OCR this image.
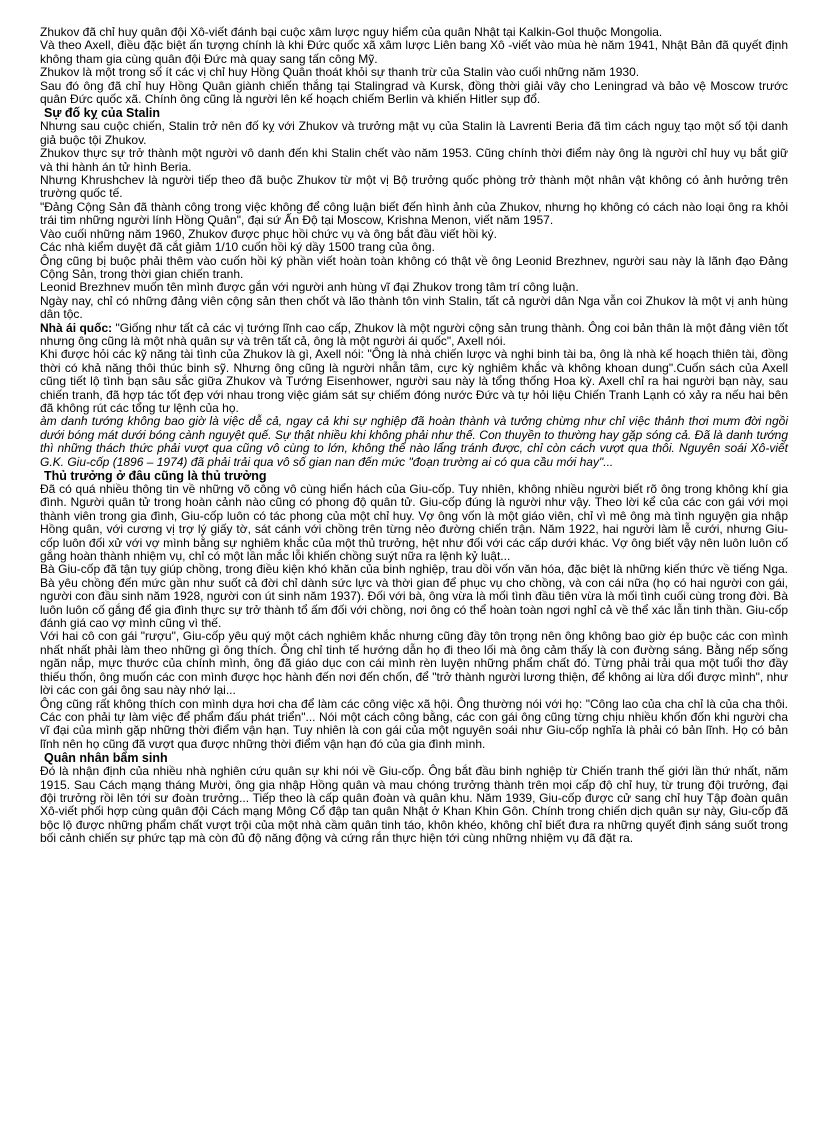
Zhukov đã chỉ huy quân đội Xô-viết đánh bại cuộc xâm lược nguy hiểm của quân Nhật tại Kalkin-Gol thuộc Mongolia.

Và theo Axell, điều đặc biệt ấn tượng chính là khi Đức quốc xã xâm lược Liên bang Xô -viết vào mùa hè năm 1941, Nhật Bản đã quyết định không tham gia cùng quân đội Đức mà quay sang tấn công Mỹ.

Zhukov là một trong số ít các vị chỉ huy Hồng Quân thoát khỏi sự thanh trừ của Stalin vào cuối những năm 1930.

Sau đó ông đã chỉ huy Hồng Quân giành chiến thắng tại Stalingrad và Kursk, đồng thời giải vây cho Leningrad và bảo vệ Moscow trước quân Đức quốc xã. Chính ông cũng là người lên kế hoạch chiếm Berlin và khiến Hitler sụp đổ.

Sự đố kỵ của Stalin

Nhưng sau cuộc chiến, Stalin trở nên đố kỵ với Zhukov và trưởng mật vụ của Stalin là Lavrenti Beria đã tìm cách nguỵ tạo một số tội danh giả buộc tội Zhukov.

Zhukov thực sự trở thành một người vô danh đến khi Stalin chết vào năm 1953. Cũng chính thời điểm này ông là người chỉ huy vụ bắt giữ và thi hành án tử hình Beria.

Nhưng Khrushchev là người tiếp theo đã buộc Zhukov từ một vị Bộ trưởng quốc phòng trở thành một nhân vật không có ảnh hưởng trên trường quốc tế.

"Đảng Cộng Sản đã thành công trong việc không để công luận biết đến hình ảnh của Zhukov, nhưng họ không có cách nào loại ông ra khỏi trái tim những người lính Hồng Quân", đại sứ Ấn Độ tại Moscow, Krishna Menon, viết năm 1957.

Vào cuối những năm 1960, Zhukov được phục hồi chức vụ và ông bắt đầu viết hồi ký.

Các nhà kiểm duyệt đã cắt giảm 1/10 cuốn hồi ký dầy 1500 trang của ông.

Ông cũng bị buộc phải thêm vào cuốn hồi ký phần viết hoàn toàn không có thật về ông Leonid Brezhnev, người sau này là lãnh đạo Đảng Cộng Sản, trong thời gian chiến tranh.

Leonid Brezhnev muốn tên mình được gắn với người anh hùng vĩ đại Zhukov trong tâm trí công luận.

Ngày nay, chỉ có những đảng viên cộng sản then chốt và lão thành tôn vinh Stalin, tất cả người dân Nga vẫn coi Zhukov là một vị anh hùng dân tộc.

Nhà ái quốc: "Giống như tất cả các vị tướng lĩnh cao cấp, Zhukov là một người cộng sản trung thành. Ông coi bản thân là một đảng viên tốt nhưng ông cũng là một nhà quân sự và trên tất cả, ông là một người ái quốc", Axell nói.

Khi được hỏi các kỹ năng tài tình của Zhukov là gì, Axell nói: "Ông là nhà chiến lược và nghi binh tài ba, ông là nhà kế hoạch thiên tài, đồng thời có khả năng thôi thúc binh sỹ. Nhưng ông cũng là người nhẫn tâm, cực kỳ nghiêm khắc và không khoan dung".Cuốn sách của Axell cũng tiết lộ tình bạn sâu sắc giữa Zhukov và Tướng Eisenhower, người sau này là tổng thống Hoa kỳ. Axell chỉ ra hai người bạn này, sau chiến tranh, đã hợp tác tốt đẹp với nhau trong việc giám sát sự chiếm đóng nước Đức và tự hỏi liệu Chiến Tranh Lạnh có xảy ra nếu hai bên đã không rút các tổng tư lệnh của họ.

àm danh tướng không bao giờ là việc dễ cả, ngay cả khi sự nghiệp đã hoàn thành và tưởng chừng như chỉ việc thảnh thơi mưm đời ngồi dưới bóng mát dưới bóng cành nguyệt quế. Sự thật nhiều khi không phải như thế. Con thuyền to thường hay gặp sóng cả. Đã là danh tướng thì những thách thức phải vượt qua cũng vô cùng to lớn, không thể nào lẩng tránh được, chỉ còn cách vượt qua thôi. Nguyên soái Xô-viết G.K. Giu-cốp (1896 – 1974) đã phải trải qua vô số gian nan đến mức "đoạn trường ai có qua cầu mới hay"...

Thủ trưởng ở đâu cũng là thủ trưởng

Đã có quá nhiều thông tin về những võ công vô cùng hiển hách của Giu-cốp. Tuy nhiên, không nhiều người biết rõ ông trong không khí gia đình. Người quân tử trong hoàn cảnh nào cũng có phong độ quân tử. Giu-cốp đúng là người như vậy. Theo lời kể của các con gái với mọi thành viên trong gia đình, Giu-cốp luôn có tác phong của một chỉ huy. Vợ ông vốn là một giáo viên, chỉ vì mê ông mà tình nguyện gia nhập Hồng quân, với cương vị trợ lý giấy tờ, sát cánh với chồng trên từng nẻo đường chiến trận. Năm 1922, hai người làm lễ cưới, nhưng Giu-cốp luôn đối xử với vợ mình bằng sự nghiêm khắc của một thủ trưởng, hệt như đối với các cấp dưới khác. Vợ ông biết vậy nên luôn luôn cố gắng hoàn thành nhiệm vụ, chỉ có một lần mắc lỗi khiến chồng suýt nữa ra lệnh kỷ luật...

Bà Giu-cốp đã tận tụy giúp chồng, trong điều kiện khó khăn của binh nghiệp, trau dồi vốn văn hóa, đặc biệt là những kiến thức về tiếng Nga. Bà yêu chồng đến mức gần như suốt cả đời chỉ dành sức lực và thời gian để phục vụ cho chồng, và con cái nữa (họ có hai người con gái, người con đầu sinh năm 1928, người con út sinh năm 1937). Đối với bà, ông vừa là mối tình đầu tiên vừa là mối tình cuối cùng trong đời. Bà luôn luôn cố gắng để gia đình thực sự trở thành tổ ấm đối với chồng, nơi ông có thể hoàn toàn ngơi nghỉ cả về thể xác lẫn tinh thần. Giu-cốp đánh giá cao vợ mình cũng vì thế.

Với hai cô con gái "rượu", Giu-cốp yêu quý một cách nghiêm khắc nhưng cũng đầy tôn trọng nên ông không bao giờ ép buộc các con mình nhất nhất phải làm theo những gì ông thích. Ông chỉ tinh tế hướng dẫn họ đi theo lối mà ông cảm thấy là con đường sáng. Bằng nếp sống ngăn nắp, mực thước của chính mình, ông đã giáo dục con cái mình rèn luyện những phẩm chất đó. Từng phải trải qua một tuổi thơ đầy thiếu thốn, ông muốn các con mình được học hành đến nơi đến chốn, để "trở thành người lương thiện, để không ai lừa dối được mình", như lời các con gái ông sau này nhớ lại...

Ông cũng rất không thích con mình dựa hơi cha để làm các công việc xã hội. Ông thường nói với họ: "Công lao của cha chỉ là của cha thôi. Các con phải tự làm việc để phẩm đấu phát triển"... Nói một cách công bằng, các con gái ông cũng từng chịu nhiều khốn đốn khi người cha vĩ đại của mình gặp những thời điểm vận hạn. Tuy nhiên là con gái của một nguyên soái như Giu-cốp nghĩa là phải có bản lĩnh. Họ có bản lĩnh nên họ cũng đã vượt qua được những thời điểm vận hạn đó của gia đình mình.

Quân nhân bẩm sinh

Đó là nhận định của nhiều nhà nghiên cứu quân sự khi nói về Giu-cốp. Ông bắt đầu binh nghiệp từ Chiến tranh thế giới lần thứ nhất, năm 1915. Sau Cách mạng tháng Mười, ông gia nhập Hồng quân và mau chóng trưởng thành trên mọi cấp độ chỉ huy, từ trung đội trưởng, đại đội trưởng rồi lên tới sư đoàn trưởng... Tiếp theo là cấp quân đoàn và quân khu. Năm 1939, Giu-cốp được cử sang chỉ huy Tập đoàn quân Xô-viết phối hợp cùng quân đội Cách mạng Mông Cổ đập tan quân Nhật ở Khan Khin Gôn. Chính trong chiến dịch quân sự này, Giu-cốp đã bộc lộ được những phẩm chất vượt trội của một nhà cầm quân tinh táo, khôn khéo, không chỉ biết đưa ra những quyết định sáng suốt trong bối cảnh chiến sự phức tạp mà còn đủ độ năng động và cứng rắn thực hiện tới cùng những nhiệm vụ đã đặt ra.
